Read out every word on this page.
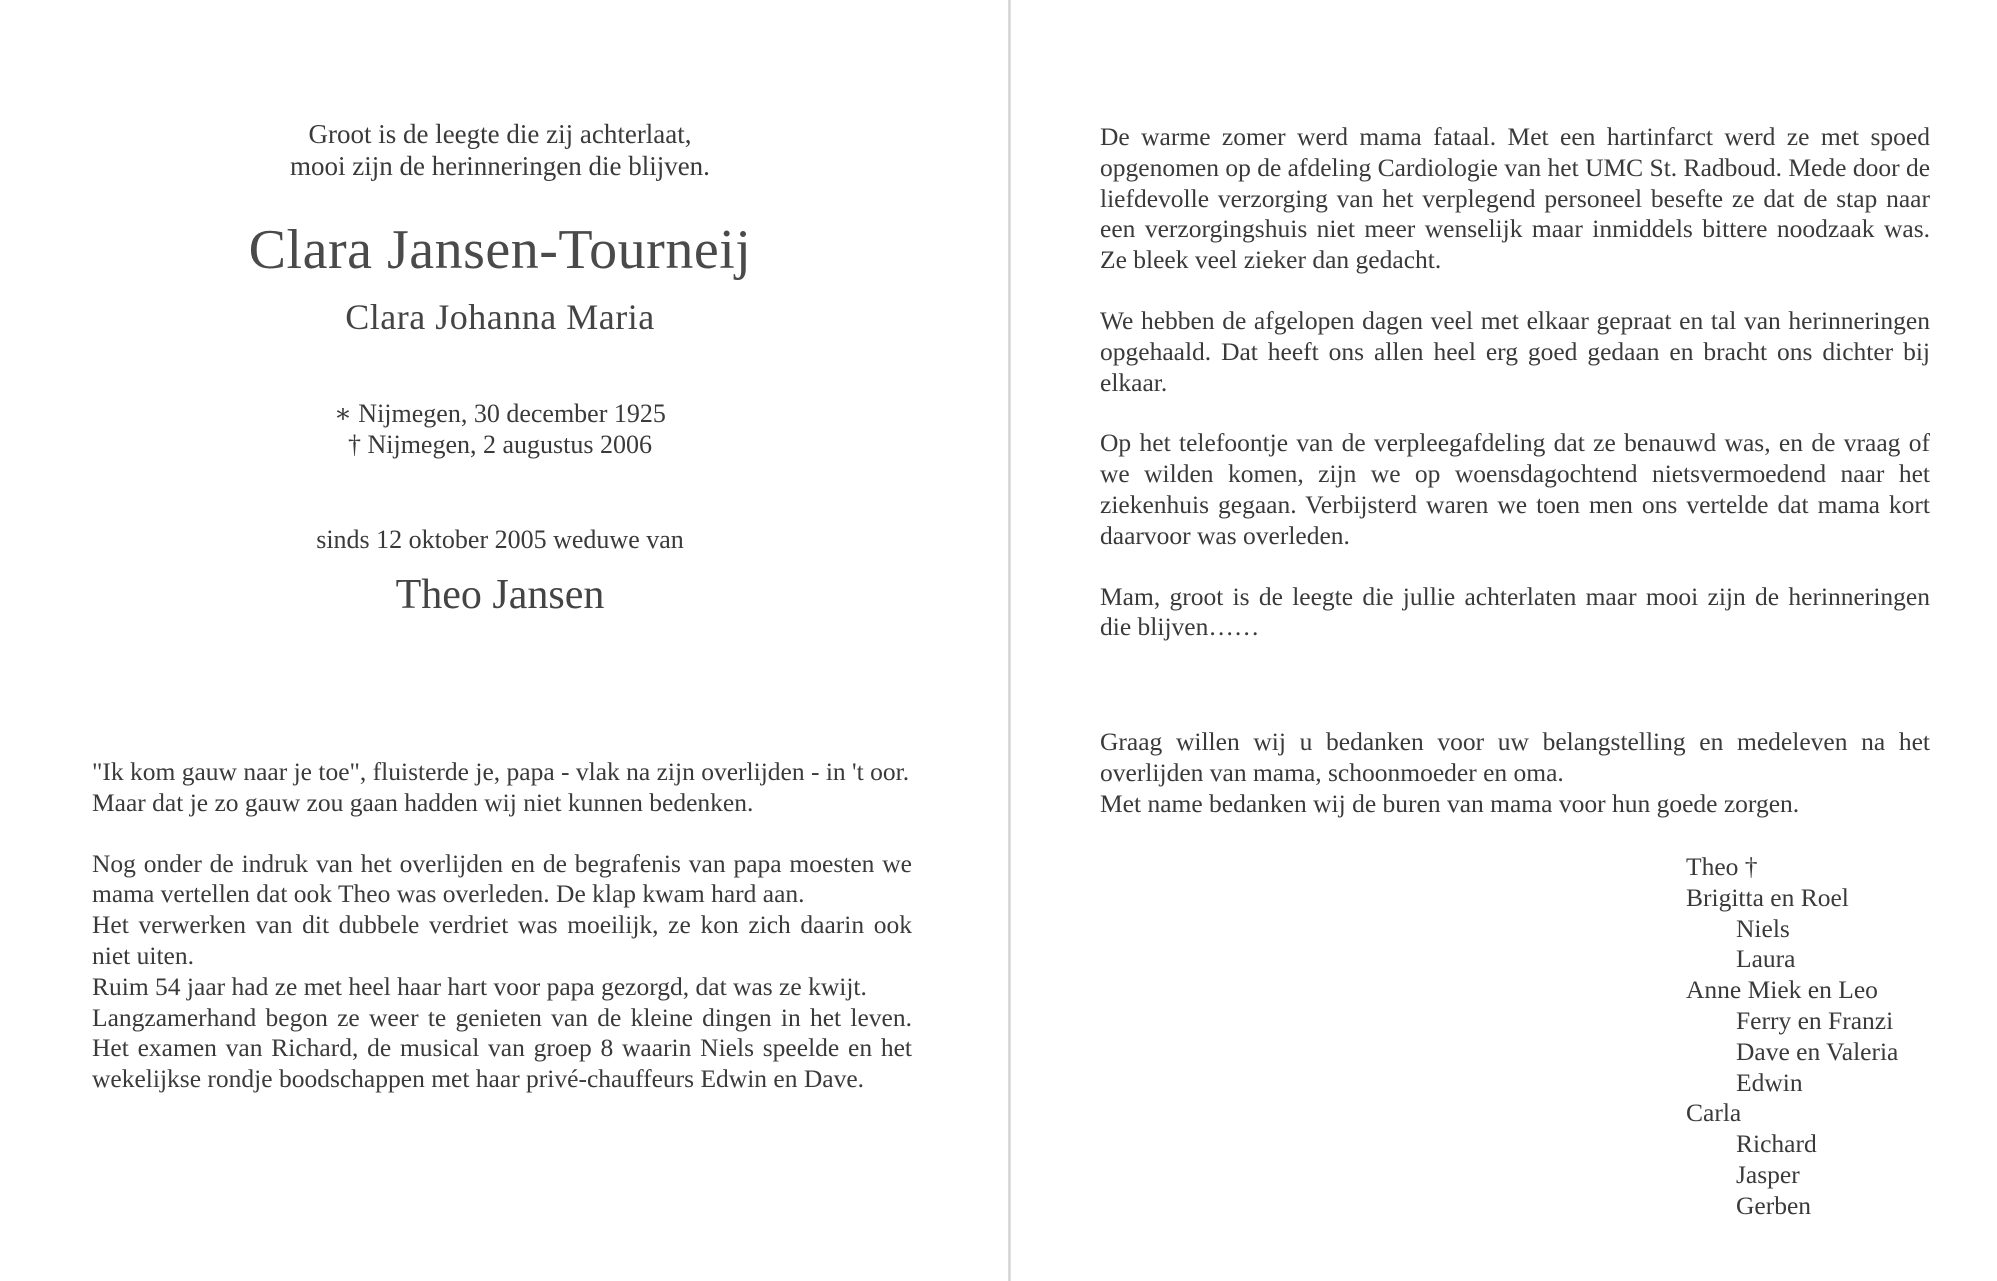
Groot is de leegte die zij achterlaat,
mooi zijn de herinneringen die blijven.
Clara Jansen-Tourneij
Clara Johanna Maria
∗ Nijmegen, 30 december 1925
† Nijmegen, 2 augustus 2006
sinds 12 oktober 2005 weduwe van
Theo Jansen
"Ik kom gauw naar je toe", fluisterde je, papa - vlak na zijn overlijden - in 't oor.
Maar dat je zo gauw zou gaan hadden wij niet kunnen bedenken.
Nog onder de indruk van het overlijden en de begrafenis van papa moesten we mama vertellen dat ook Theo was overleden. De klap kwam hard aan.
Het verwerken van dit dubbele verdriet was moeilijk, ze kon zich daarin ook niet uiten.
Ruim 54 jaar had ze met heel haar hart voor papa gezorgd, dat was ze kwijt.
Langzamerhand begon ze weer te genieten van de kleine dingen in het leven. Het examen van Richard, de musical van groep 8 waarin Niels speelde en het wekelijkse rondje boodschappen met haar privé-chauffeurs Edwin en Dave.

De warme zomer werd mama fataal. Met een hartinfarct werd ze met spoed opgenomen op de afdeling Cardiologie van het UMC St. Radboud. Mede door de liefdevolle verzorging van het verplegend personeel besefte ze dat de stap naar een verzorgingshuis niet meer wenselijk maar inmiddels bittere noodzaak was. Ze bleek veel zieker dan gedacht.

We hebben de afgelopen dagen veel met elkaar gepraat en tal van herinneringen opgehaald. Dat heeft ons allen heel erg goed gedaan en bracht ons dichter bij elkaar.

Op het telefoontje van de verpleegafdeling dat ze benauwd was, en de vraag of we wilden komen, zijn we op woensdagochtend nietsvermoedend naar het ziekenhuis gegaan. Verbijsterd waren we toen men ons vertelde dat mama kort daarvoor was overleden.

Mam, groot is de leegte die jullie achterlaten maar mooi zijn de herinneringen die blijven……

Graag willen wij u bedanken voor uw belangstelling en medeleven na het overlijden van mama, schoonmoeder en oma.
Met name bedanken wij de buren van mama voor hun goede zorgen.
Theo †
Brigitta en Roel
Niels
Laura
Anne Miek en Leo
Ferry en Franzi
Dave en Valeria
Edwin
Carla
Richard
Jasper
Gerben
